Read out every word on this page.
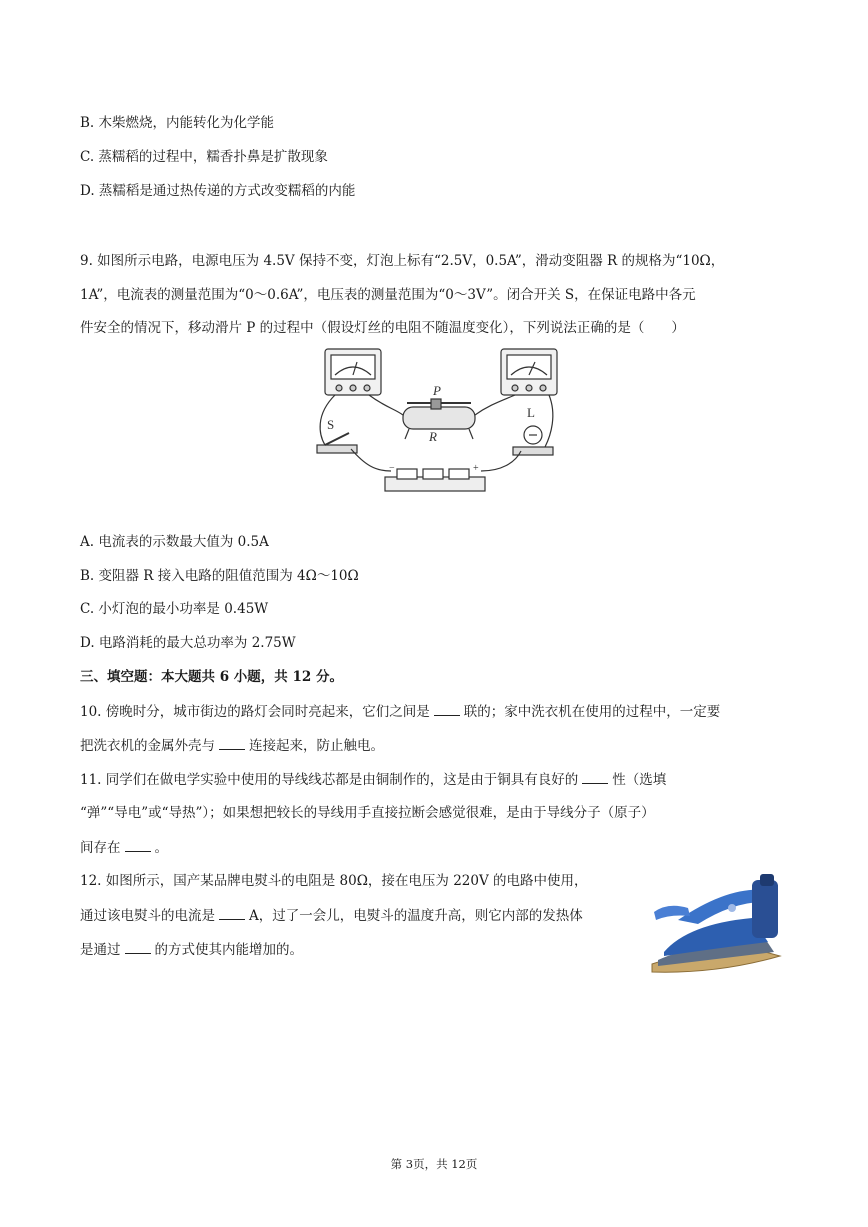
B. 木柴燃烧，内能转化为化学能
C. 蒸糯稻的过程中，糯香扑鼻是扩散现象
D. 蒸糯稻是通过热传递的方式改变糯稻的内能
9. 如图所示电路，电源电压为 4.5V 保持不变，灯泡上标有“2.5V，0.5A”，滑动变阻器 R 的规格为“10Ω，
1A”，电流表的测量范围为“0～0.6A”，电压表的测量范围为“0～3V”。闭合开关 S，在保证电路中各元
件安全的情况下，移动滑片 P 的过程中（假设灯丝的电阻不随温度变化），下列说法正确的是（　　）
P
R
S
L
−	+
A. 电流表的示数最大值为 0.5A
B. 变阻器 R 接入电路的阻值范围为 4Ω～10Ω
C. 小灯泡的最小功率是 0.45W
D. 电路消耗的最大总功率为 2.75W
三、填空题：本大题共 6 小题，共 12 分。
10. 傍晚时分，城市街边的路灯会同时亮起来，它们之间是	联的；家中洗衣机在使用的过程中，一定要
把洗衣机的金属外壳与	连接起来，防止触电。
11. 同学们在做电学实验中使用的导线线芯都是由铜制作的，这是由于铜具有良好的	性（选填
“弹”“导电”或“导热”）；如果想把较长的导线用手直接拉断会感觉很难，是由于导线分子（原子）
间存在	。
12. 如图所示，国产某品牌电熨斗的电阻是 80Ω，接在电压为 220V 的电路中使用，
通过该电熨斗的电流是	A，过了一会儿，电熨斗的温度升高，则它内部的发热体
是通过	的方式使其内能增加的。
第 3页，共 12页
